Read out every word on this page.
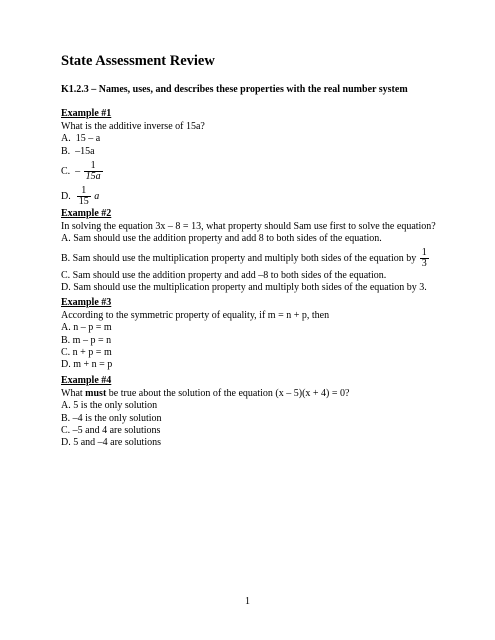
State Assessment Review
K1.2.3 – Names, uses, and describes these properties with the real number system
Example #1
What is the additive inverse of 15a?
A. 15 – a
B. –15a
C. – $\frac{1}{15a}$
D. $\frac{1}{15}$ a
Example #2
In solving the equation 3x – 8 = 13, what property should Sam use first to solve the equation?
A. Sam should use the addition property and add 8 to both sides of the equation.
B. Sam should use the multiplication property and multiply both sides of the equation by $\frac{1}{3}$
C. Sam should use the addition property and add –8 to both sides of the equation.
D. Sam should use the multiplication property and multiply both sides of the equation by 3.
Example #3
According to the symmetric property of equality, if m = n + p, then
A. n – p = m
B. m – p = n
C. n + p = m
D. m + n = p
Example #4
What must be true about the solution of the equation (x – 5)(x + 4) = 0?
A. 5 is the only solution
B. –4 is the only solution
C. –5 and 4 are solutions
D. 5 and –4 are solutions
1
